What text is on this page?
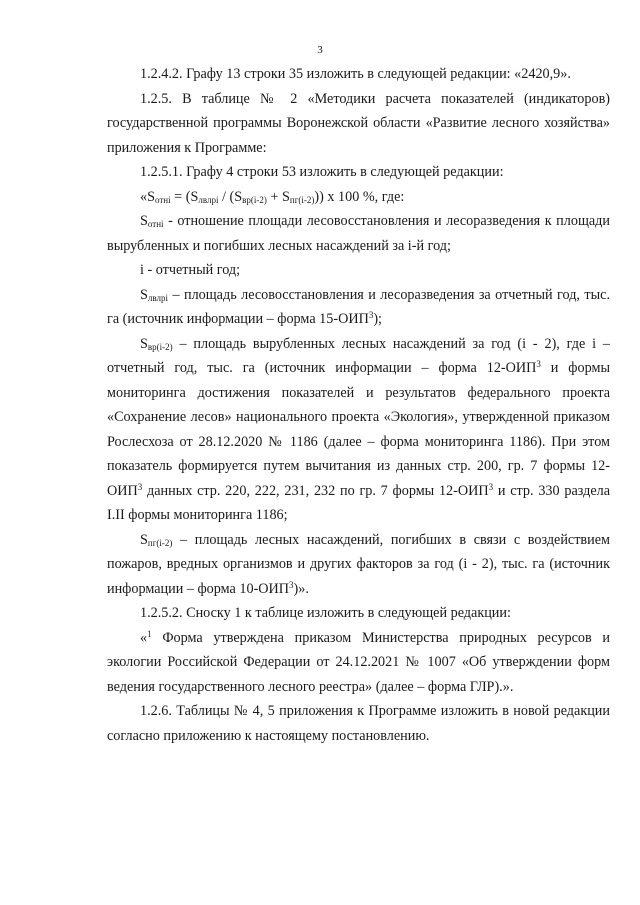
3

1.2.4.2. Графу 13 строки 35 изложить в следующей редакции: «2420,9».

1.2.5. В таблице № 2 «Методики расчета показателей (индикаторов) государственной программы Воронежской области «Развитие лесного хозяйства» приложения к Программе:

1.2.5.1. Графу 4 строки 53 изложить в следующей редакции:

«$S_{отнi} = (S_{лвлрi} / (S_{вр(i-2)} + S_{пг(i-2)}))$ x 100 %, где:

$S_{отнi}$ - отношение площади лесовосстановления и лесоразведения к площади вырубленных и погибших лесных насаждений за i-й год;

i - отчетный год;

$S_{лвлрi}$ – площадь лесовосстановления и лесоразведения за отчетный год, тыс. га (источник информации – форма 15-ОИП$^3$);

$S_{вр(i-2)}$ – площадь вырубленных лесных насаждений за год (i - 2), где i – отчетный год, тыс. га (источник информации – форма 12-ОИП$^3$ и формы мониторинга достижения показателей и результатов федерального проекта «Сохранение лесов» национального проекта «Экология», утвержденной приказом Рослесхоза от 28.12.2020 № 1186 (далее – форма мониторинга 1186). При этом показатель формируется путем вычитания из данных стр. 200, гр. 7 формы 12-ОИП$^3$ данных стр. 220, 222, 231, 232 по гр. 7 формы 12-ОИП$^3$ и стр. 330 раздела I.II формы мониторинга 1186;

$S_{пг(i-2)}$ – площадь лесных насаждений, погибших в связи с воздействием пожаров, вредных организмов и других факторов за год (i - 2), тыс. га (источник информации – форма 10-ОИП$^3$)».

1.2.5.2. Сноску 1 к таблице изложить в следующей редакции:

«$^1$ Форма утверждена приказом Министерства природных ресурсов и экологии Российской Федерации от 24.12.2021 № 1007 «Об утверждении форм ведения государственного лесного реестра» (далее – форма ГЛР).».

1.2.6. Таблицы № 4, 5 приложения к Программе изложить в новой редакции согласно приложению к настоящему постановлению.
